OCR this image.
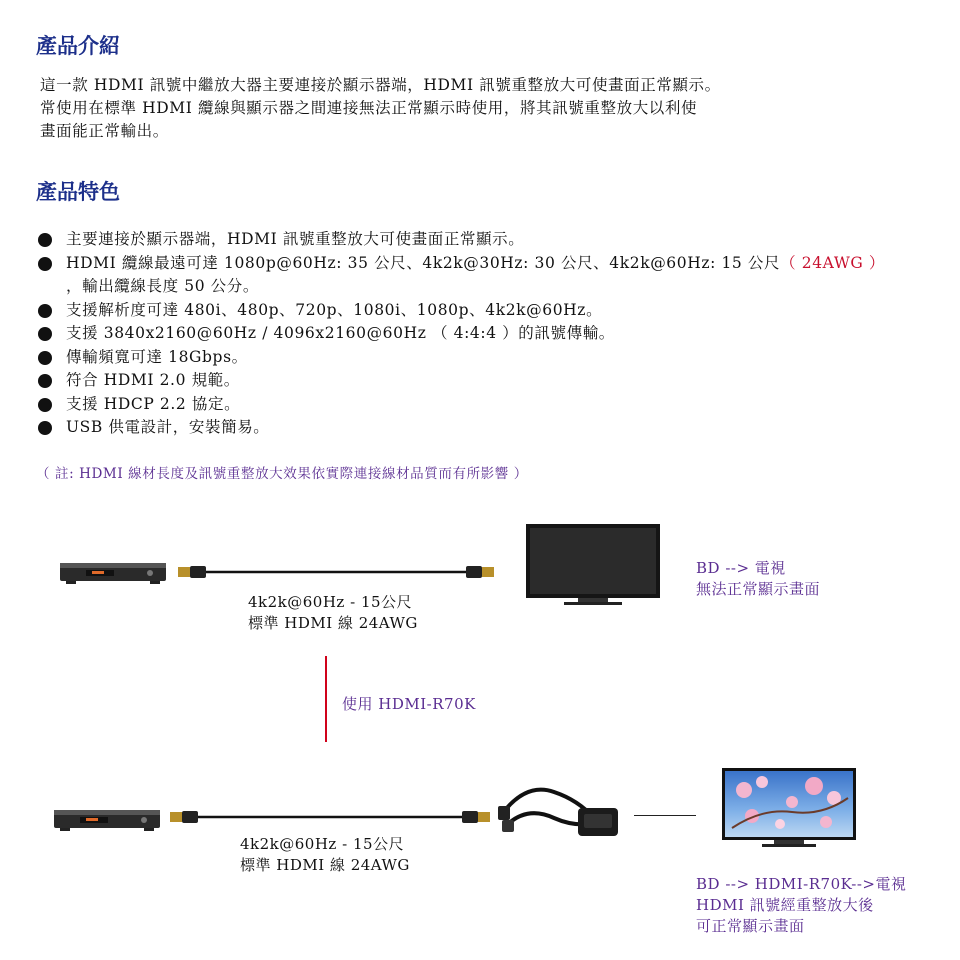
產品介紹
這一款 HDMI 訊號中繼放大器主要連接於顯示器端，HDMI 訊號重整放大可使畫面正常顯示。
常使用在標準 HDMI 纜線與顯示器之間連接無法正常顯示時使用，將其訊號重整放大以利使
畫面能正常輸出。
產品特色
主要連接於顯示器端，HDMI 訊號重整放大可使畫面正常顯示。
HDMI 纜線最遠可達 1080p@60Hz: 35 公尺、4k2k@30Hz: 30 公尺、4k2k@60Hz: 15 公尺（ 24AWG ）
，輸出纜線長度 50 公分。
支援解析度可達 480i、480p、720p、1080i、1080p、4k2k@60Hz。
支援 3840x2160@60Hz / 4096x2160@60Hz （ 4:4:4 ）的訊號傳輸。
傳輸頻寬可達 18Gbps。
符合 HDMI 2.0 規範。
支援 HDCP 2.2 協定。
USB 供電設計，安裝簡易。

（ 註: HDMI 線材長度及訊號重整放大效果依實際連接線材品質而有所影響 ）

4k2k@60Hz - 15公尺
標準 HDMI 線 24AWG
BD --> 電視
無法正常顯示畫面
使用 HDMI-R70K
4k2k@60Hz - 15公尺
標準 HDMI 線 24AWG
BD --> HDMI-R70K-->電視
HDMI 訊號經重整放大後
可正常顯示畫面
